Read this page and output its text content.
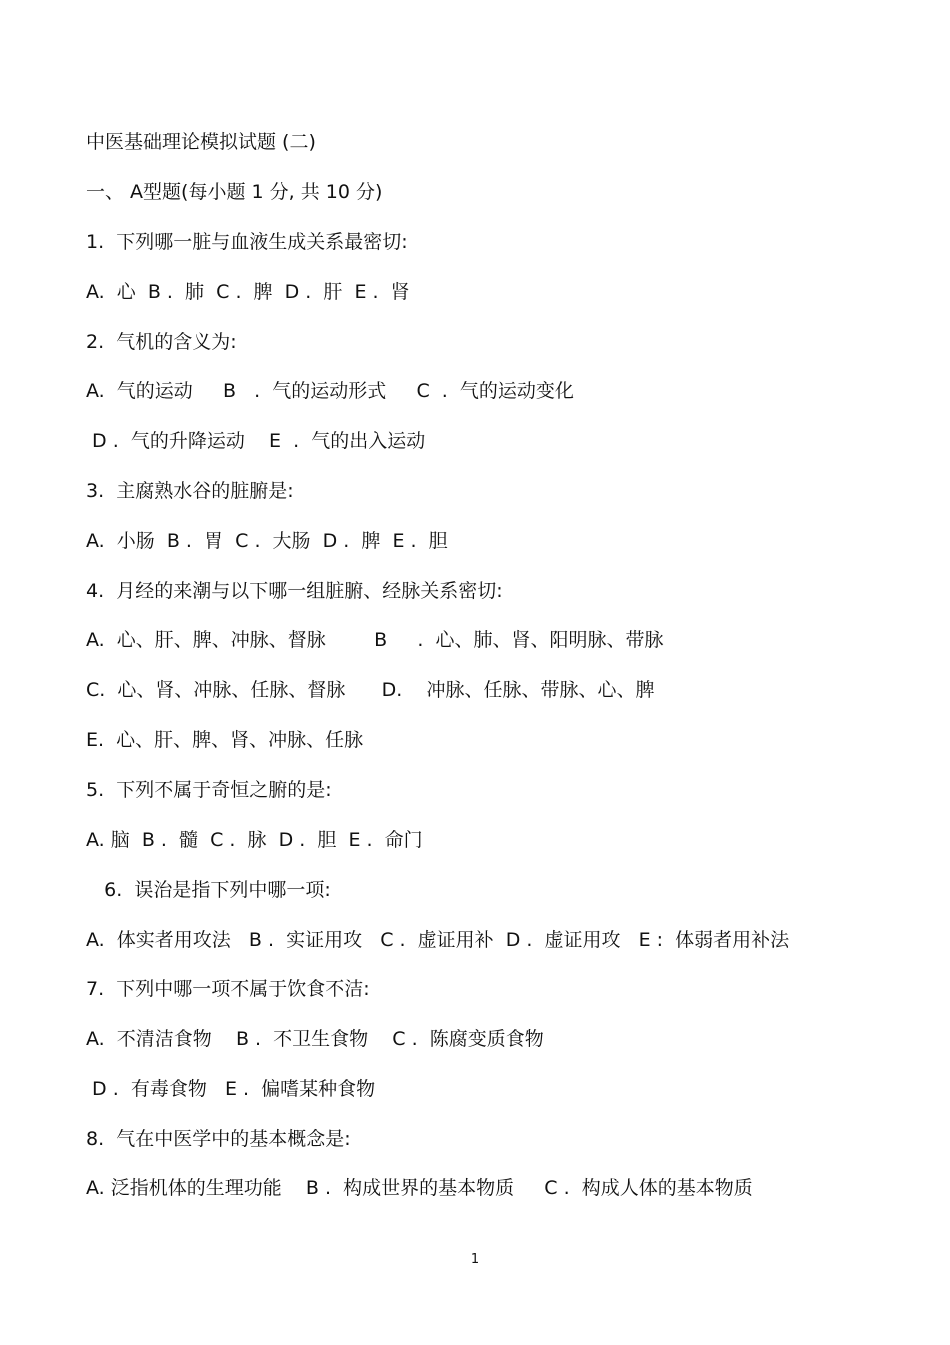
中医基础理论模拟试题 (二)
一、 A型题(每小题 1 分, 共 10 分)
1.  下列哪一脏与血液生成关系最密切:
A.  心  B .  肺  C .  脾  D .  肝  E .  肾
2.  气机的含义为:
A.  气的运动     B   .  气的运动形式     C  .  气的运动变化
D .  气的升降运动    E  .  气的出入运动
3.  主腐熟水谷的脏腑是:
A.  小肠  B .  胃  C .  大肠  D .  脾  E .  胆
4.  月经的来潮与以下哪一组脏腑、经脉关系密切:
A.  心、肝、脾、冲脉、督脉        B     .  心、肺、肾、阳明脉、带脉
C.  心、肾、冲脉、任脉、督脉      D.    冲脉、任脉、带脉、心、脾
E.  心、肝、脾、肾、冲脉、任脉
5.  下列不属于奇恒之腑的是:
A. 脑  B .  髓  C .  脉  D .  胆  E .  命门
6.  误治是指下列中哪一项:
A.  体实者用攻法   B .  实证用攻   C .  虚证用补  D .  虚证用攻   E :  体弱者用补法
7.  下列中哪一项不属于饮食不洁:
A.  不清洁食物    B .  不卫生食物    C .  陈腐变质食物
D .  有毒食物   E .  偏嗜某种食物
8.  气在中医学中的基本概念是:
A. 泛指机体的生理功能    B .  构成世界的基本物质     C .  构成人体的基本物质
1
